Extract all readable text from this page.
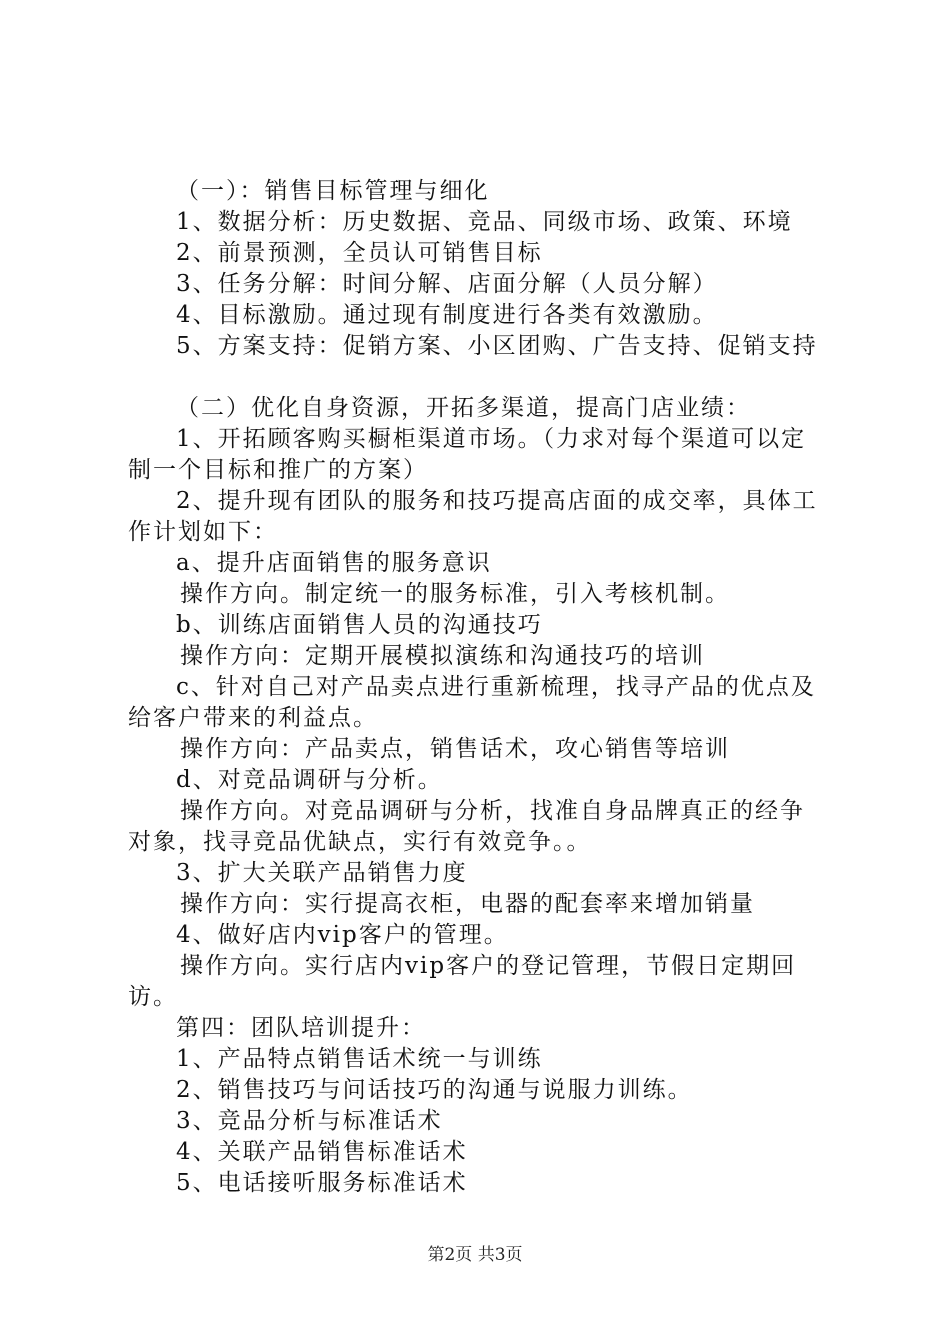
（一）：销售目标管理与细化
1、数据分析：历史数据、竞品、同级市场、政策、环境
2、前景预测，全员认可销售目标
3、任务分解：时间分解、店面分解（人员分解）
4、目标激励。通过现有制度进行各类有效激励。
5、方案支持：促销方案、小区团购、广告支持、促销支持
（二）优化自身资源，开拓多渠道，提高门店业绩：
1、开拓顾客购买橱柜渠道市场。（力求对每个渠道可以定
制一个目标和推广的方案）
2、提升现有团队的服务和技巧提高店面的成交率，具体工
作计划如下：
a、提升店面销售的服务意识
操作方向。制定统一的服务标准，引入考核机制。
b、训练店面销售人员的沟通技巧
操作方向：定期开展模拟演练和沟通技巧的培训
c、针对自己对产品卖点进行重新梳理，找寻产品的优点及
给客户带来的利益点。
操作方向：产品卖点，销售话术，攻心销售等培训
d、对竞品调研与分析。
操作方向。对竞品调研与分析，找准自身品牌真正的经争
对象，找寻竞品优缺点，实行有效竞争。。
3、扩大关联产品销售力度
操作方向：实行提高衣柜，电器的配套率来增加销量
4、做好店内vip客户的管理。
操作方向。实行店内vip客户的登记管理，节假日定期回
访。
第四：团队培训提升：
1、产品特点销售话术统一与训练
2、销售技巧与问话技巧的沟通与说服力训练。
3、竞品分析与标准话术
4、关联产品销售标准话术
5、电话接听服务标准话术
第2页 共3页
